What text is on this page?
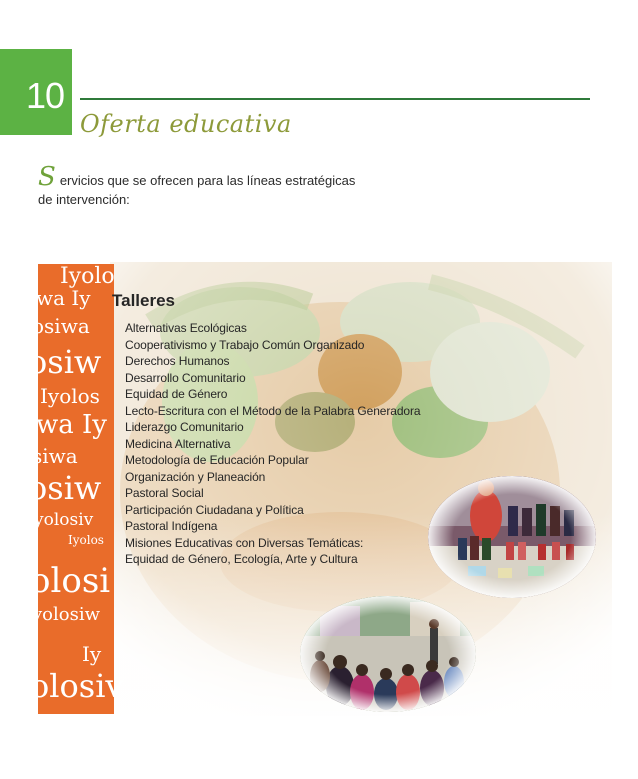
10
Oferta educativa
Servicios que se ofrecen para las líneas estratégicas
de intervención:
Iyolo
wa Iy
osiwa
osiw
Iyolos
wa Iy
siwa
osiw
yolosiv
Iyolos
olosi
yolosiw
Iy
olosiv
Talleres
Alternativas Ecológicas
Cooperativismo y Trabajo Común Organizado
Derechos Humanos
Desarrollo Comunitario
Equidad de Género
Lecto-Escritura con el Método de la Palabra Generadora
Liderazgo Comunitario
Medicina Alternativa
Metodología de Educación Popular
Organización y Planeación
Pastoral Social
Participación Ciudadana y Política
Pastoral Indígena
Misiones Educativas con Diversas Temáticas:
Equidad de Género, Ecología, Arte y Cultura
